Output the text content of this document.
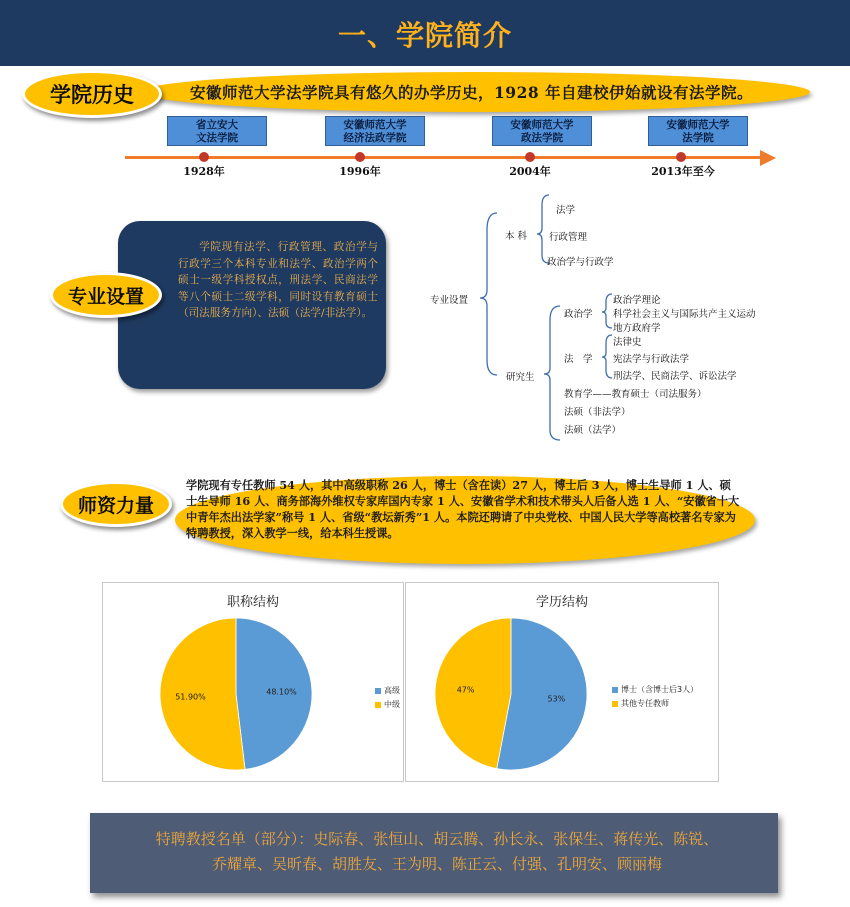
一、学院简介
安徽师范大学法学院具有悠久的办学历史，1928 年自建校伊始就设有法学院。
学院历史
省立安大
文法学院
安徽师范大学
经济法政学院
安徽师范大学
政法学院
安徽师范大学
法学院
1928年	1996年	2004年	2013年至今
学院现有法学、行政管理、政治学与行政学三个本科专业和法学、政治学两个硕士一级学科授权点，刑法学、民商法学等八个硕士二级学科，同时设有教育硕士（司法服务方向）、法硕（法学/非法学）。
专业设置	专业设置
本 科
法学
行政管理
政治学与行政学
研究生
政治学
政治学理论
科学社会主义与国际共产主义运动
地方政府学
法　学
法律史
宪法学与行政法学
刑法学、民商法学、诉讼法学
教育学——教育硕士（司法服务）
法硕（非法学）
法硕（法学）
学院现有专任教师 54 人，其中高级职称 26 人，博士（含在读）27 人，博士后 3 人，博士生导师 1 人、硕士生导师 16 人、商务部海外维权专家库国内专家 1 人、安徽省学术和技术带头人后备人选 1 人、“安徽省十大中青年杰出法学家”称号 1 人、省级“教坛新秀”1 人。本院还聘请了中央党校、中国人民大学等高校著名专家为特聘教授，深入教学一线，给本科生授课。
师资力量
职称结构
48.10%
51.90%
高级
中级
学历结构
53%
47%	博士（含博士后3人）
其他专任教师
特聘教授名单（部分）：史际春、张恒山、胡云腾、孙长永、张保生、蒋传光、陈锐、
乔耀章、吴昕春、胡胜友、王为明、陈正云、付强、孔明安、顾丽梅
